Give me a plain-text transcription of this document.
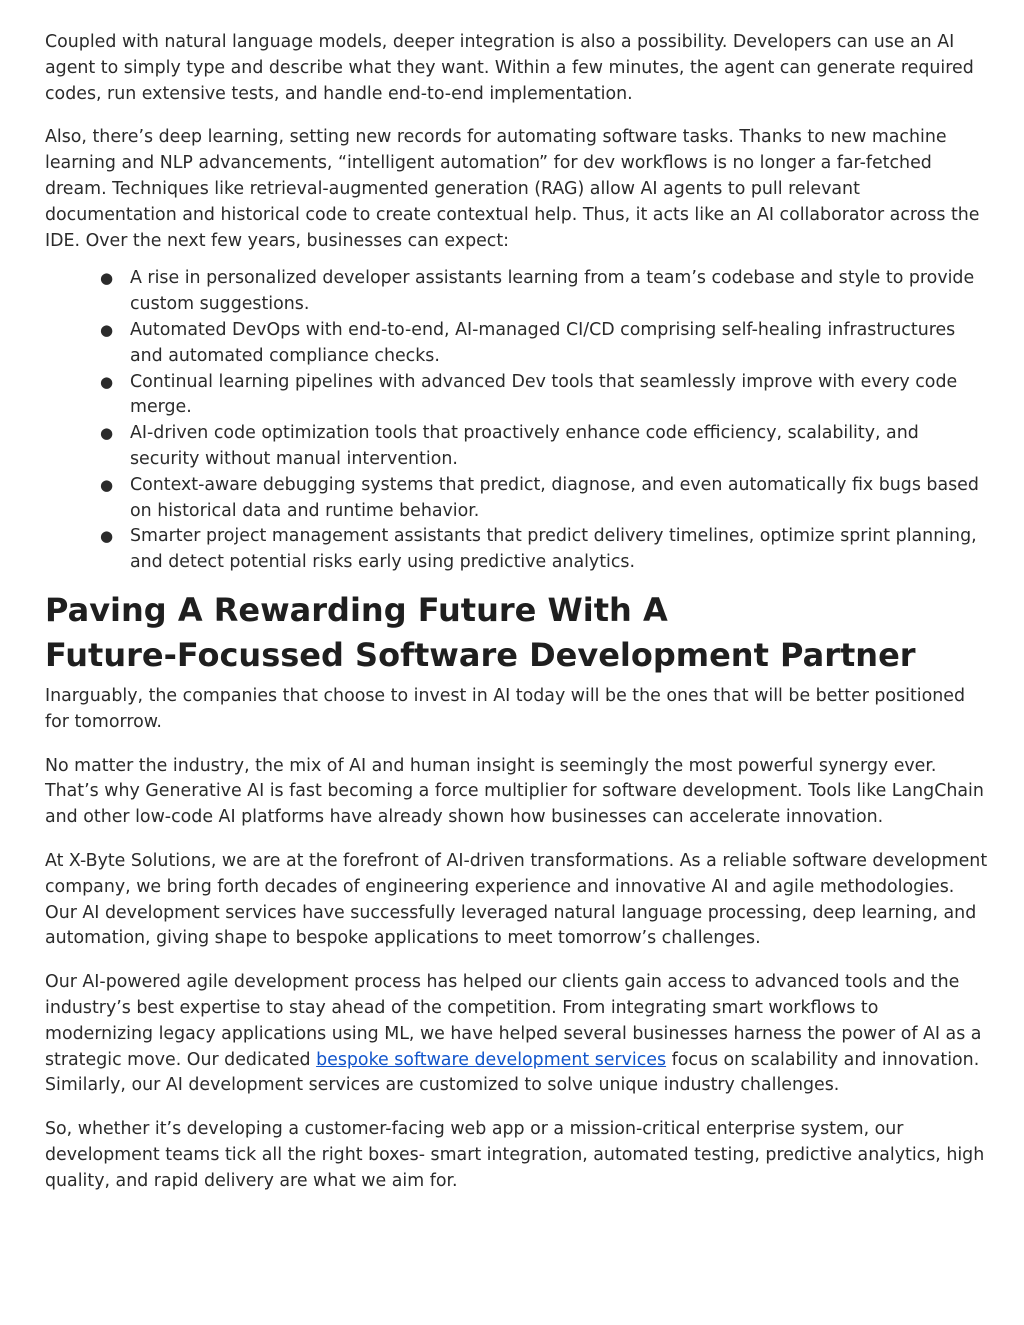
Coupled with natural language models, deeper integration is also a possibility. Developers can use an AI agent to simply type and describe what they want. Within a few minutes, the agent can generate required codes, run extensive tests, and handle end-to-end implementation.

Also, there’s deep learning, setting new records for automating software tasks. Thanks to new machine learning and NLP advancements, “intelligent automation” for dev workflows is no longer a far-fetched dream. Techniques like retrieval-augmented generation (RAG) allow AI agents to pull relevant documentation and historical code to create contextual help. Thus, it acts like an AI collaborator across the IDE. Over the next few years, businesses can expect:

● A rise in personalized developer assistants learning from a team’s codebase and style to provide custom suggestions.
● Automated DevOps with end-to-end, AI-managed CI/CD comprising self-healing infrastructures and automated compliance checks.
● Continual learning pipelines with advanced Dev tools that seamlessly improve with every code merge.
● AI-driven code optimization tools that proactively enhance code efficiency, scalability, and security without manual intervention.
● Context-aware debugging systems that predict, diagnose, and even automatically fix bugs based on historical data and runtime behavior.
● Smarter project management assistants that predict delivery timelines, optimize sprint planning, and detect potential risks early using predictive analytics.
Paving A Rewarding Future With A
Future-Focussed Software Development Partner

Inarguably, the companies that choose to invest in AI today will be the ones that will be better positioned for tomorrow.

No matter the industry, the mix of AI and human insight is seemingly the most powerful synergy ever. That’s why Generative AI is fast becoming a force multiplier for software development. Tools like LangChain and other low-code AI platforms have already shown how businesses can accelerate innovation.

At X-Byte Solutions, we are at the forefront of AI-driven transformations. As a reliable software development company, we bring forth decades of engineering experience and innovative AI and agile methodologies. Our AI development services have successfully leveraged natural language processing, deep learning, and automation, giving shape to bespoke applications to meet tomorrow’s challenges.

Our AI-powered agile development process has helped our clients gain access to advanced tools and the industry’s best expertise to stay ahead of the competition. From integrating smart workflows to modernizing legacy applications using ML, we have helped several businesses harness the power of AI as a strategic move. Our dedicated bespoke software development services focus on scalability and innovation. Similarly, our AI development services are customized to solve unique industry challenges.

So, whether it’s developing a customer-facing web app or a mission-critical enterprise system, our development teams tick all the right boxes- smart integration, automated testing, predictive analytics, high quality, and rapid delivery are what we aim for.
